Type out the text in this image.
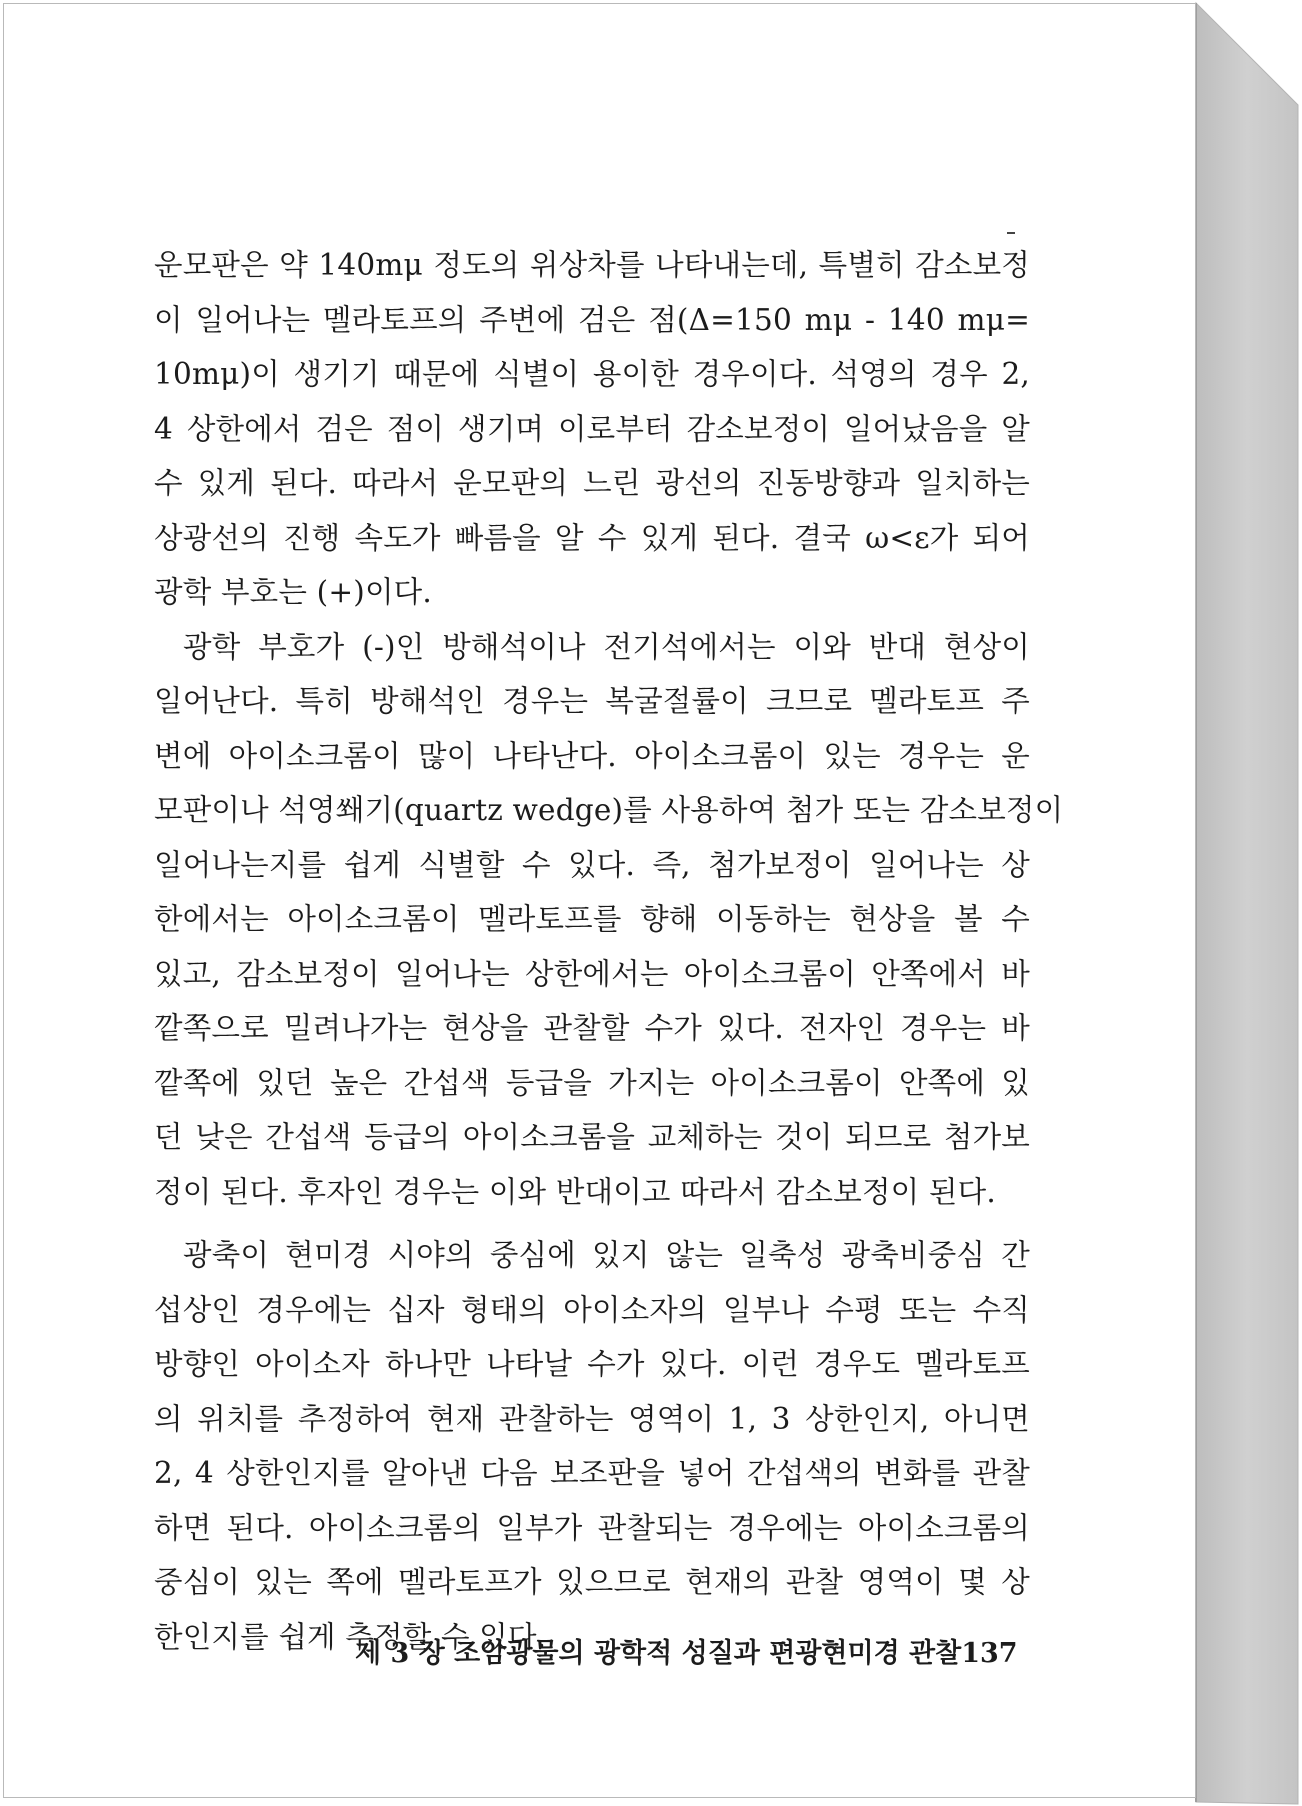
운모판은 약 140mμ 정도의 위상차를 나타내는데, 특별히 감소보정
이 일어나는 멜라토프의 주변에 검은 점(Δ=150 mμ - 140 mμ=
10mμ)이 생기기 때문에 식별이 용이한 경우이다. 석영의 경우 2,
4 상한에서 검은 점이 생기며 이로부터 감소보정이 일어났음을 알
수 있게 된다. 따라서 운모판의 느린 광선의 진동방향과 일치하는
상광선의 진행 속도가 빠름을 알 수 있게 된다. 결국 ω<ε가 되어
광학 부호는 (+)이다.
광학 부호가 (-)인 방해석이나 전기석에서는 이와 반대 현상이
일어난다. 특히 방해석인 경우는 복굴절률이 크므로 멜라토프 주
변에 아이소크롬이 많이 나타난다. 아이소크롬이 있는 경우는 운
모판이나 석영쐐기(quartz wedge)를 사용하여 첨가 또는 감소보정이
일어나는지를 쉽게 식별할 수 있다. 즉, 첨가보정이 일어나는 상
한에서는 아이소크롬이 멜라토프를 향해 이동하는 현상을 볼 수
있고, 감소보정이 일어나는 상한에서는 아이소크롬이 안쪽에서 바
깥쪽으로 밀려나가는 현상을 관찰할 수가 있다. 전자인 경우는 바
깥쪽에 있던 높은 간섭색 등급을 가지는 아이소크롬이 안쪽에 있
던 낮은 간섭색 등급의 아이소크롬을 교체하는 것이 되므로 첨가보
정이 된다. 후자인 경우는 이와 반대이고 따라서 감소보정이 된다.
광축이 현미경 시야의 중심에 있지 않는 일축성 광축비중심 간
섭상인 경우에는 십자 형태의 아이소자의 일부나 수평 또는 수직
방향인 아이소자 하나만 나타날 수가 있다. 이런 경우도 멜라토프
의 위치를 추정하여 현재 관찰하는 영역이 1, 3 상한인지, 아니면
2, 4 상한인지를 알아낸 다음 보조판을 넣어 간섭색의 변화를 관찰
하면 된다. 아이소크롬의 일부가 관찰되는 경우에는 아이소크롬의
중심이 있는 쪽에 멜라토프가 있으므로 현재의 관찰 영역이 몇 상
한인지를 쉽게 추정할 수 있다.
제 3 장 조암광물의 광학적 성질과 편광현미경 관찰 137
